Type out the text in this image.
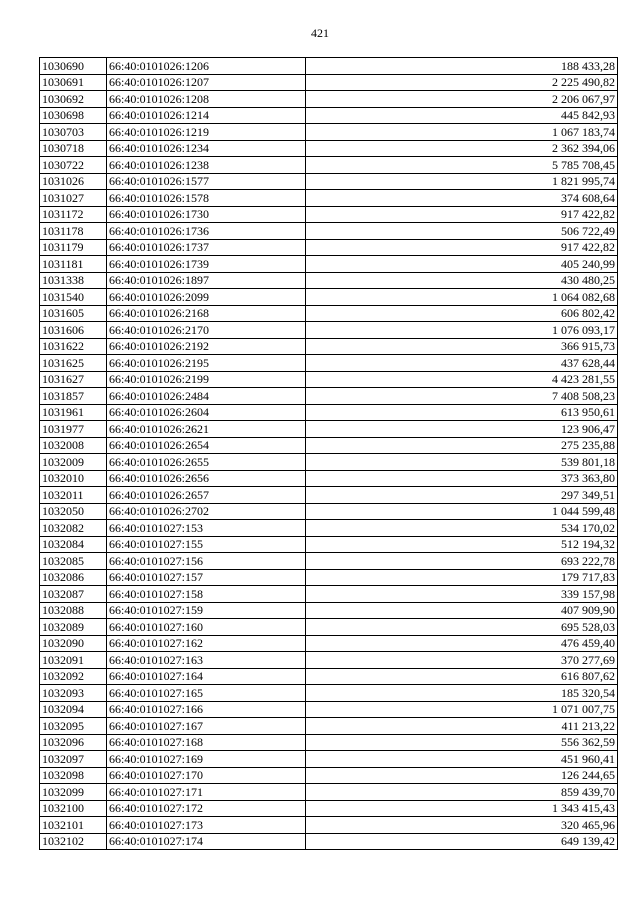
421
1030690	66:40:0101026:1206	188 433,28
1030691	66:40:0101026:1207	2 225 490,82
1030692	66:40:0101026:1208	2 206 067,97
1030698	66:40:0101026:1214	445 842,93
1030703	66:40:0101026:1219	1 067 183,74
1030718	66:40:0101026:1234	2 362 394,06
1030722	66:40:0101026:1238	5 785 708,45
1031026	66:40:0101026:1577	1 821 995,74
1031027	66:40:0101026:1578	374 608,64
1031172	66:40:0101026:1730	917 422,82
1031178	66:40:0101026:1736	506 722,49
1031179	66:40:0101026:1737	917 422,82
1031181	66:40:0101026:1739	405 240,99
1031338	66:40:0101026:1897	430 480,25
1031540	66:40:0101026:2099	1 064 082,68
1031605	66:40:0101026:2168	606 802,42
1031606	66:40:0101026:2170	1 076 093,17
1031622	66:40:0101026:2192	366 915,73
1031625	66:40:0101026:2195	437 628,44
1031627	66:40:0101026:2199	4 423 281,55
1031857	66:40:0101026:2484	7 408 508,23
1031961	66:40:0101026:2604	613 950,61
1031977	66:40:0101026:2621	123 906,47
1032008	66:40:0101026:2654	275 235,88
1032009	66:40:0101026:2655	539 801,18
1032010	66:40:0101026:2656	373 363,80
1032011	66:40:0101026:2657	297 349,51
1032050	66:40:0101026:2702	1 044 599,48
1032082	66:40:0101027:153	534 170,02
1032084	66:40:0101027:155	512 194,32
1032085	66:40:0101027:156	693 222,78
1032086	66:40:0101027:157	179 717,83
1032087	66:40:0101027:158	339 157,98
1032088	66:40:0101027:159	407 909,90
1032089	66:40:0101027:160	695 528,03
1032090	66:40:0101027:162	476 459,40
1032091	66:40:0101027:163	370 277,69
1032092	66:40:0101027:164	616 807,62
1032093	66:40:0101027:165	185 320,54
1032094	66:40:0101027:166	1 071 007,75
1032095	66:40:0101027:167	411 213,22
1032096	66:40:0101027:168	556 362,59
1032097	66:40:0101027:169	451 960,41
1032098	66:40:0101027:170	126 244,65
1032099	66:40:0101027:171	859 439,70
1032100	66:40:0101027:172	1 343 415,43
1032101	66:40:0101027:173	320 465,96
1032102	66:40:0101027:174	649 139,42
